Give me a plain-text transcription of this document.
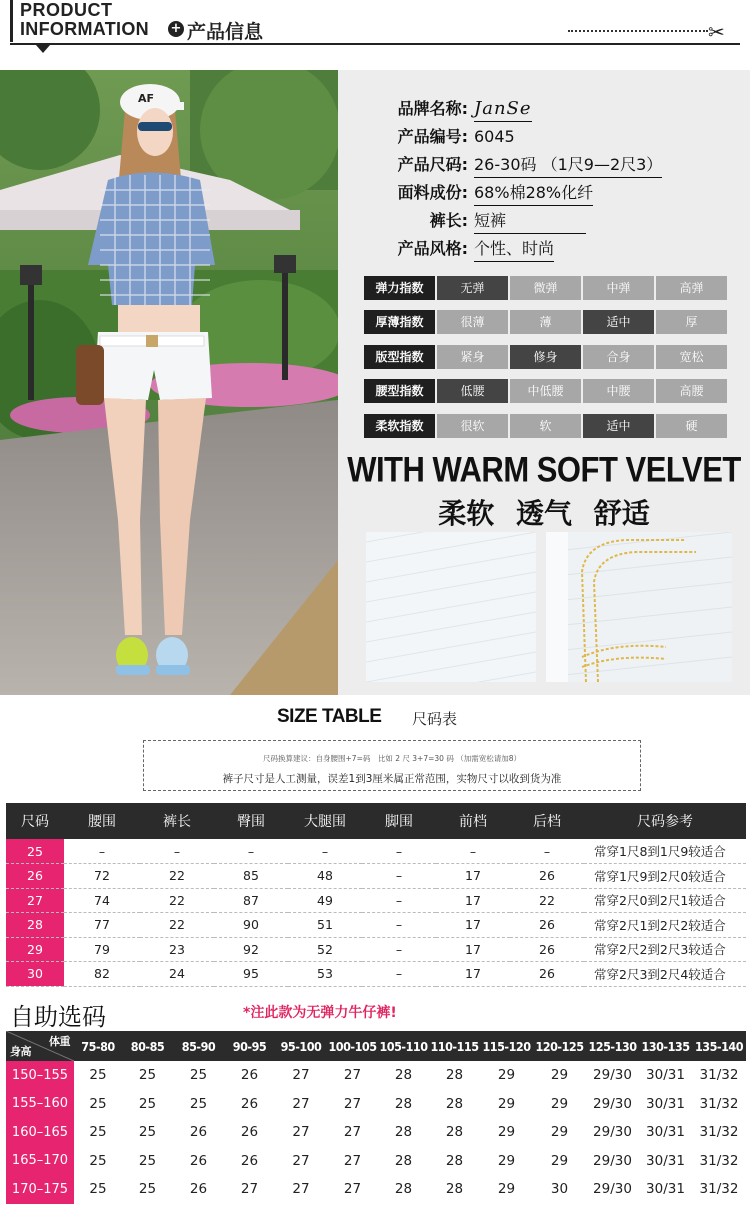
PRODUCT
INFORMATION + 产品信息	✂
AF
品牌名称: JanSe
产品编号: 6045
产品尺码: 26-30码 （1尺9—2尺3）
面料成份: 68%棉28%化纤
裤长: 短裤
产品风格: 个性、时尚
弹力指数	无弹	微弹	中弹	高弹
厚薄指数	很薄	薄	适中	厚
版型指数	紧身	修身	合身	宽松
腰型指数	低腰	中低腰	中腰	高腰
柔软指数	很软	软	适中	硬
WITH WARM SOFT VELVET
柔软 透气 舒适
SIZE TABLE 尺码表
尺码换算建议：自身腰围+7=码　比如 2 尺 3+7=30 码 （加需宽松请加8）
裤子尺寸是人工测量，误差1到3厘米属正常范围，实物尺寸以收到货为准
尺码	腰围	裤长	臀围	大腿围	脚围	前档	后档	尺码参考
25	–	–	–	–	–	–	–	常穿1尺8到1尺9较适合
26	72	22	85	48	–	17	26	常穿1尺9到2尺0较适合
27	74	22	87	49	–	17	22	常穿2尺0到2尺1较适合
28	77	22	90	51	–	17	26	常穿2尺1到2尺2较适合
29	79	23	92	52	–	17	26	常穿2尺2到2尺3较适合
30	82	24	95	53	–	17	26	常穿2尺3到2尺4较适合
自助选码	*注此款为无弹力牛仔裤!
体重
身高	75-80	80-85	85-90	90-95	95-100	100-105	105-110	110-115	115-120	120-125	125-130	130-135	135-140
150–155	25	25	25	26	27	27	28	28	29	29	29/30	30/31	31/32
155–160	25	25	25	26	27	27	28	28	29	29	29/30	30/31	31/32
160–165	25	25	26	26	27	27	28	28	29	29	29/30	30/31	31/32
165–170	25	25	26	26	27	27	28	28	29	29	29/30	30/31	31/32
170–175	25	25	26	27	27	27	28	28	29	30	29/30	30/31	31/32
